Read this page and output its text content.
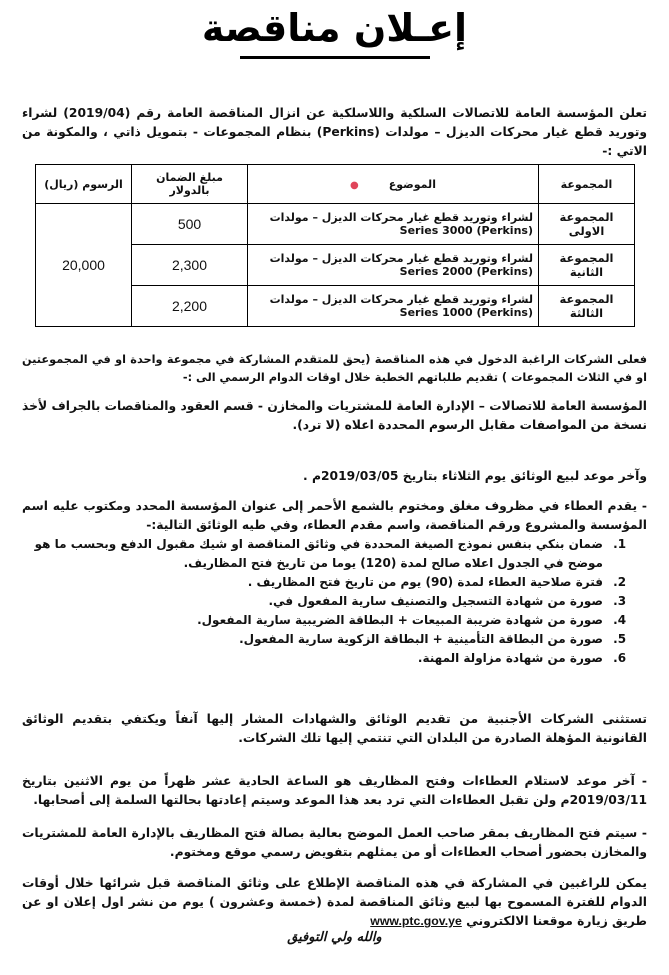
إعـلان مناقصة

تعلن المؤسسة العامة للاتصالات السلكية واللاسلكية عن انزال المناقصة العامة رقم (2019/04) لشراء وتوريد قطع غيار محركات الديزل – مولدات (Perkins) بنظام المجموعات - بتمويل ذاتي ، والمكونة من الاتي :-

المجموعة	الموضوع●	مبلغ الضمان بالدولار	الرسوم (ريال)
المجموعة الاولى	لشراء وتوريد قطع غيار محركات الديزل – مولدات (Perkins) Series 3000	500	20,000
المجموعة الثانية	لشراء وتوريد قطع غيار محركات الديزل – مولدات (Perkins) Series 2000	2,300	
المجموعة الثالثة	لشراء وتوريد قطع غيار محركات الديزل – مولدات (Perkins) Series 1000	2,200	

فعلى الشركات الراغبة الدخول في هذه المناقصة (يحق للمتقدم المشاركة في مجموعة واحدة او في المجموعتين او في الثلاث المجموعات ) تقديم طلباتهم الخطية خلال اوقات الدوام الرسمي الى :-

المؤسسة العامة للاتصالات – الإدارة العامة للمشتريات والمخازن - قسم العقود والمناقصات بالجراف لأخذ نسخة من المواصفات مقابل الرسوم المحددة اعلاه (لا ترد).

وآخر موعد لبيع الوثائق يوم الثلاثاء بتاريخ 2019/03/05م .

- يقدم العطاء في مظروف مغلق ومختوم بالشمع الأحمر إلى عنوان المؤسسة المحدد ومكتوب عليه اسم المؤسسة والمشروع ورقم المناقصة، واسم مقدم العطاء، وفي طيه الوثائق التالية:-

1. ضمان بنكي بنفس نموذج الصيغة المحددة في وثائق المناقصة او شيك مقبول الدفع وبحسب ما هو موضح في الجدول اعلاه صالح لمدة (120) يوما من تاريخ فتح المظاريف.
2. فترة صلاحية العطاء لمدة (90) يوم من تاريخ فتح المظاريف .
3. صورة من شهادة التسجيل والتصنيف سارية المفعول في.
4. صورة من شهادة ضريبة المبيعات + البطاقة الضريبية سارية المفعول.
5. صورة من البطاقة التأمينية + البطاقة الزكوية سارية المفعول.
6. صورة من شهادة مزاولة المهنة.

تستثنى الشركات الأجنبية من تقديم الوثائق والشهادات المشار إليها آنفاً ويكتفي بتقديم الوثائق القانونية المؤهلة الصادرة من البلدان التي تنتمي إليها تلك الشركات.

- آخر موعد لاستلام العطاءات وفتح المظاريف هو الساعة الحادية عشر ظهراً من يوم الاثنين بتاريخ 2019/03/11م ولن تقبل العطاءات التي ترد بعد هذا الموعد وسيتم إعادتها بحالتها السلمة إلى أصحابها.

- سيتم فتح المظاريف بمقر صاحب العمل الموضح بعالية بصالة فتح المظاريف بالإدارة العامة للمشتريات والمخازن بحضور أصحاب العطاءات أو من يمثلهم بتفويض رسمي موقع ومختوم.

يمكن للراغبين في المشاركة في هذه المناقصة الإطلاع على وثائق المناقصة قبل شرائها خلال أوقات الدوام للفترة المسموح بها لبيع وثائق المناقصة لمدة (خمسة وعشرون ) يوم من نشر اول إعلان او عن طريق زيارة موقعنا الالكتروني www.ptc.gov.ye

والله ولي التوفيق
